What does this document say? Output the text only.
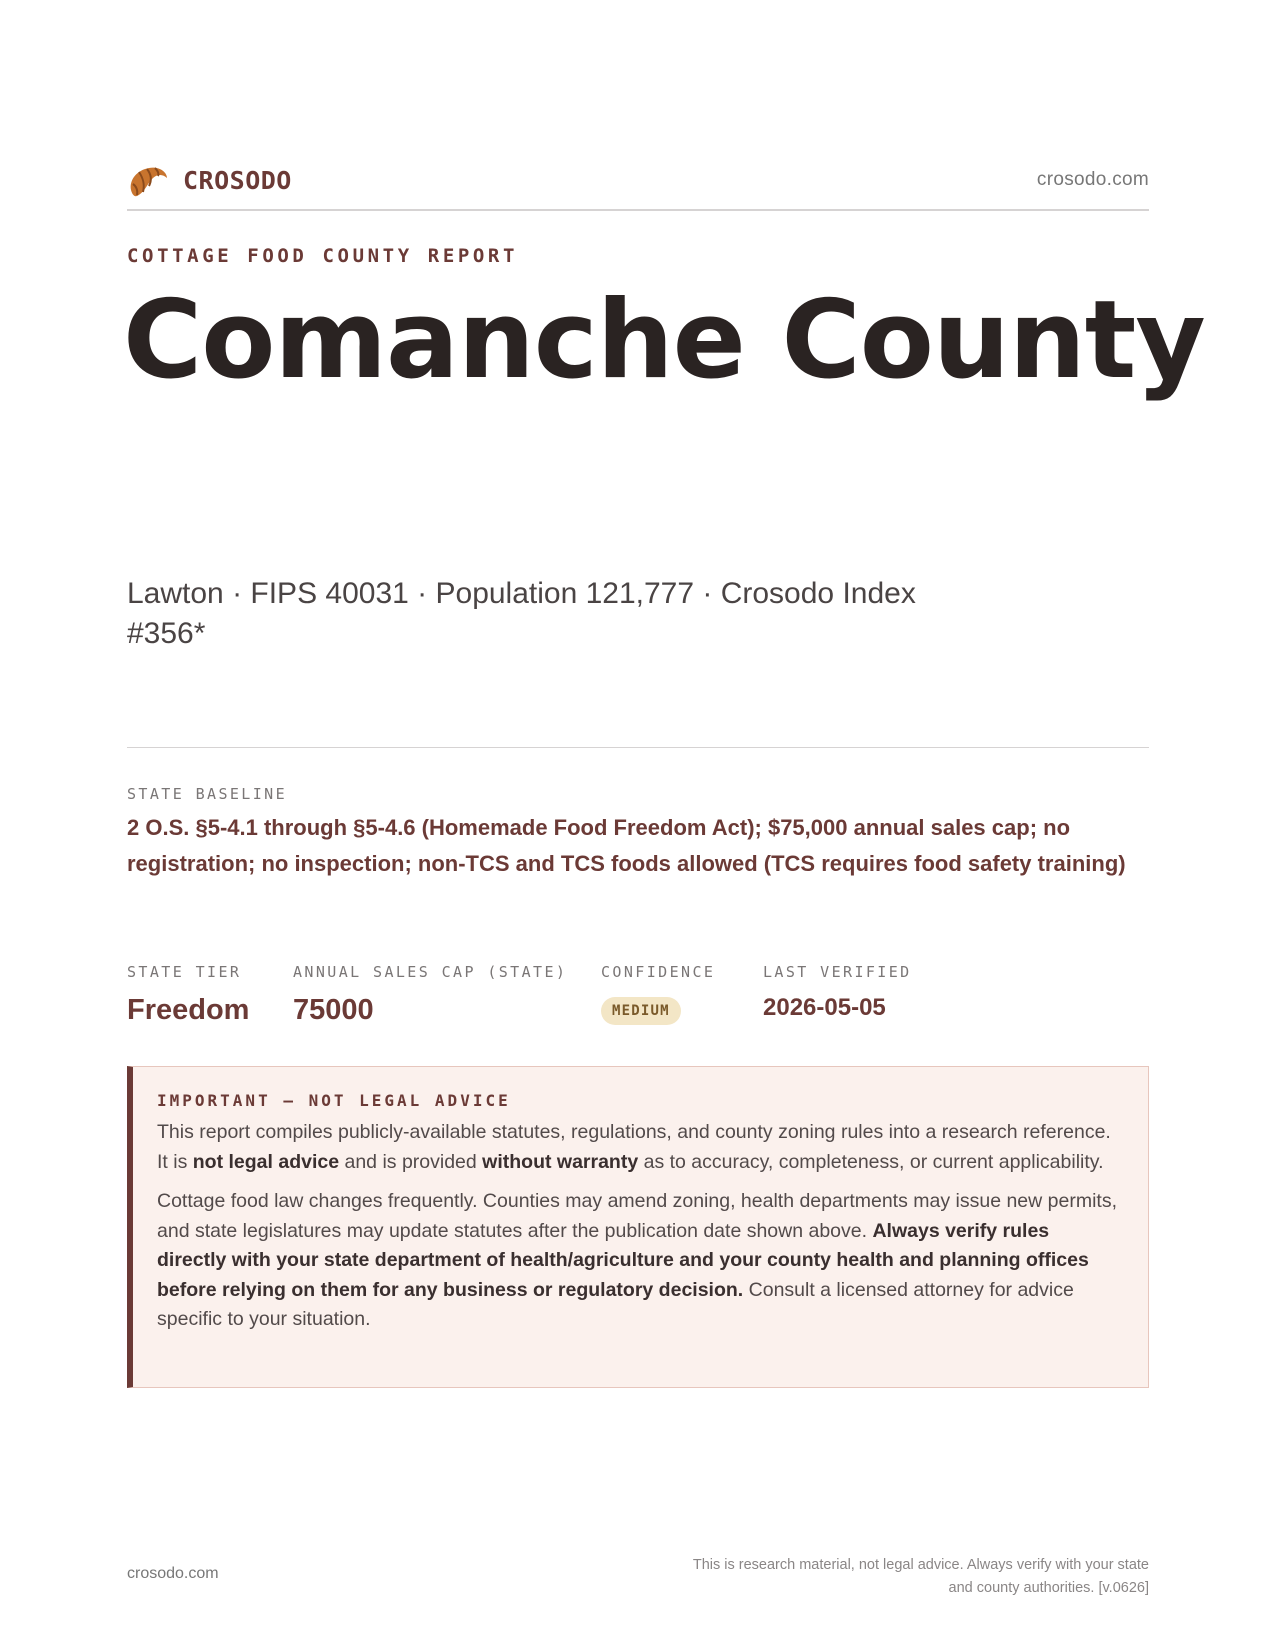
CROSODO	crosodo.com
COTTAGE FOOD COUNTY REPORT
Comanche County
Lawton · FIPS 40031 · Population 121,777 · Crosodo Index
#356*
STATE BASELINE
2 O.S. §5-4.1 through §5-4.6 (Homemade Food Freedom Act); $75,000 annual sales cap; no registration; no inspection; non-TCS and TCS foods allowed (TCS requires food safety training)
STATE TIER
Freedom
ANNUAL SALES CAP (STATE)
75000
CONFIDENCE
MEDIUM
LAST VERIFIED
2026-05-05
IMPORTANT — NOT LEGAL ADVICE

This report compiles publicly-available statutes, regulations, and county zoning rules into a research reference. It is not legal advice and is provided without warranty as to accuracy, completeness, or current applicability.

Cottage food law changes frequently. Counties may amend zoning, health departments may issue new permits, and state legislatures may update statutes after the publication date shown above. Always verify rules directly with your state department of health/agriculture and your county health and planning offices before relying on them for any business or regulatory decision. Consult a licensed attorney for advice specific to your situation.

crosodo.com	This is research material, not legal advice. Always verify with your state
and county authorities. [v.0626]
